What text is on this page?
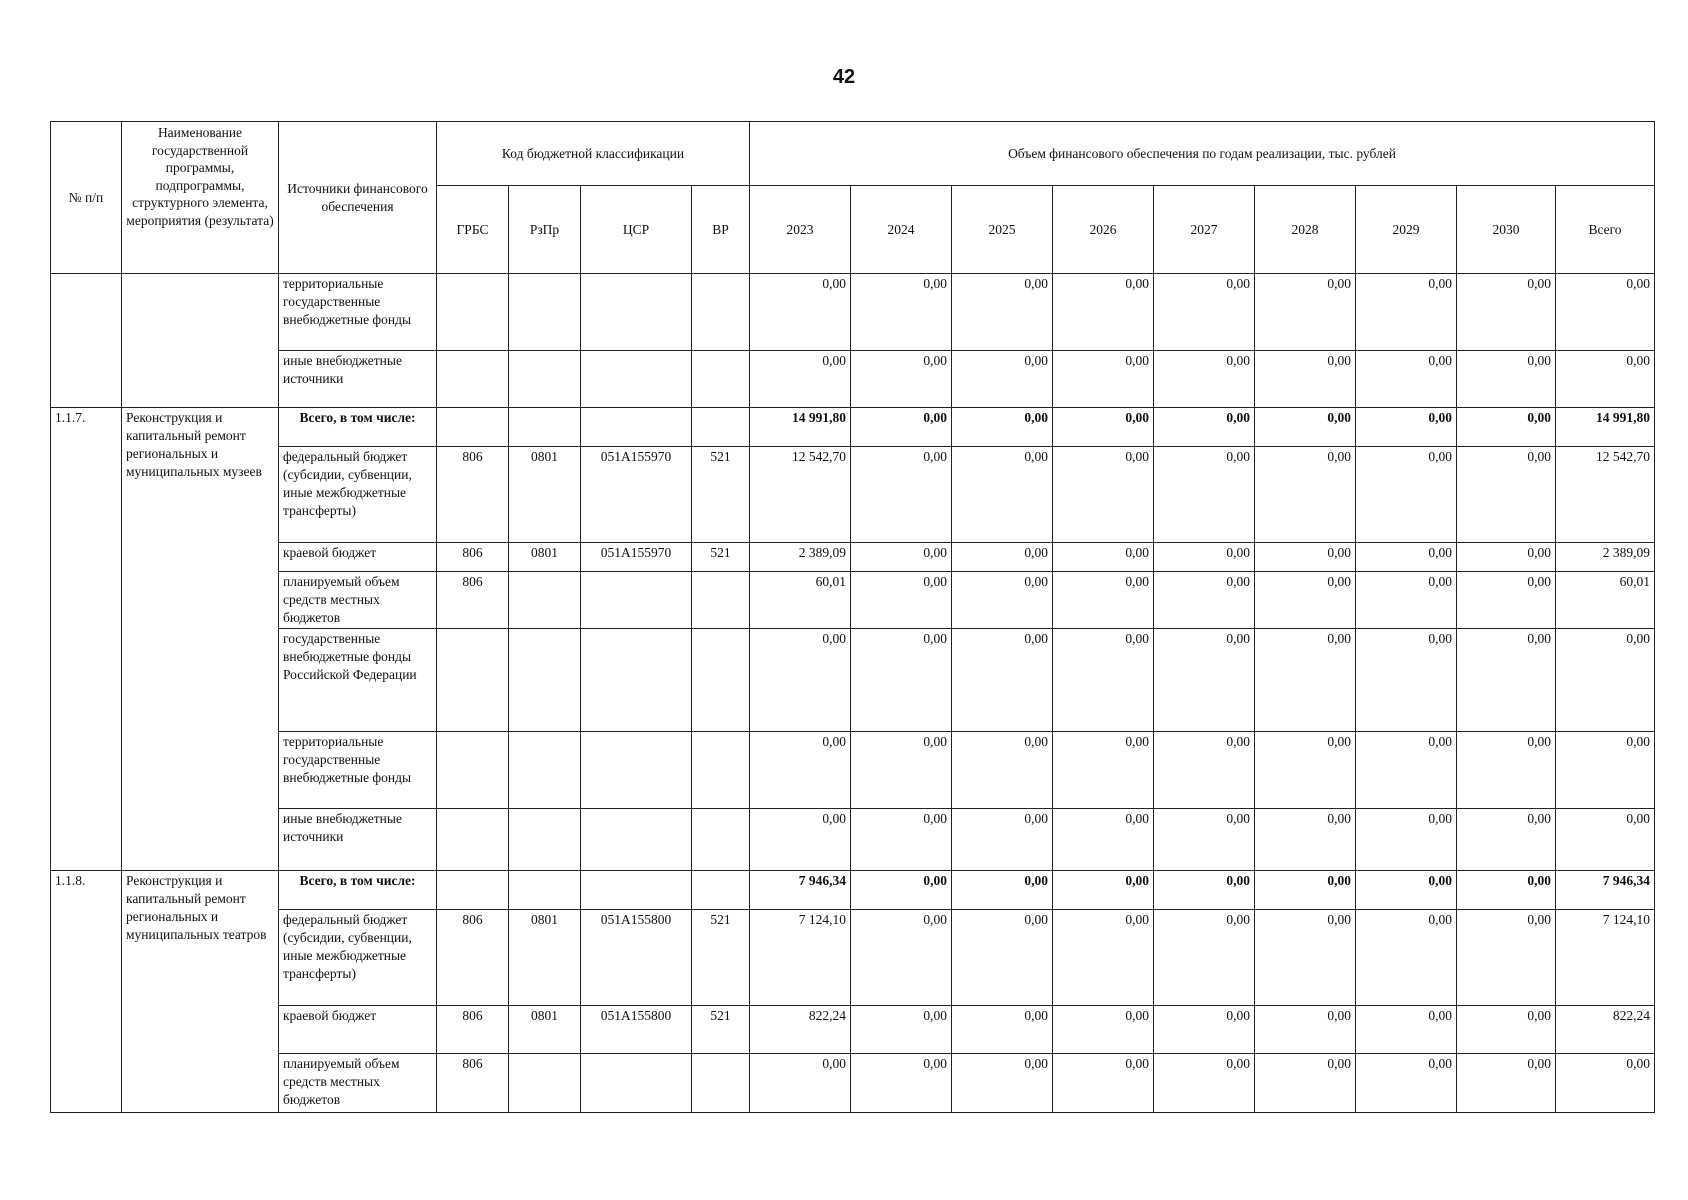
42
№ п/п	Наименование государственной программы, подпрограммы, структурного элемента, мероприятия (результата)	Источники финансового обеспечения	Код бюджетной классификации				Объем финансового обеспечения по годам реализации, тыс. рублей								
			ГРБС	РзПр	ЦСР	ВР	2023	2024	2025	2026	2027	2028	2029	2030	Всего
		территориальные государственные внебюджетные фонды					0,00	0,00	0,00	0,00	0,00	0,00	0,00	0,00	0,00
		иные внебюджетные источники					0,00	0,00	0,00	0,00	0,00	0,00	0,00	0,00	0,00
1.1.7.	Реконструкция и капитальный ремонт региональных и муниципальных музеев	Всего, в том числе:					14 991,80	0,00	0,00	0,00	0,00	0,00	0,00	0,00	14 991,80
		федеральный бюджет (субсидии, субвенции, иные межбюджетные трансферты)	806	0801	051А155970	521	12 542,70	0,00	0,00	0,00	0,00	0,00	0,00	0,00	12 542,70
		краевой бюджет	806	0801	051А155970	521	2 389,09	0,00	0,00	0,00	0,00	0,00	0,00	0,00	2 389,09
		планируемый объем средств местных бюджетов	806				60,01	0,00	0,00	0,00	0,00	0,00	0,00	0,00	60,01
		государственные внебюджетные фонды Российской Федерации					0,00	0,00	0,00	0,00	0,00	0,00	0,00	0,00	0,00
		территориальные государственные внебюджетные фонды					0,00	0,00	0,00	0,00	0,00	0,00	0,00	0,00	0,00
		иные внебюджетные источники					0,00	0,00	0,00	0,00	0,00	0,00	0,00	0,00	0,00
1.1.8.	Реконструкция и капитальный ремонт региональных и муниципальных театров	Всего, в том числе:					7 946,34	0,00	0,00	0,00	0,00	0,00	0,00	0,00	7 946,34
		федеральный бюджет (субсидии, субвенции, иные межбюджетные трансферты)	806	0801	051А155800	521	7 124,10	0,00	0,00	0,00	0,00	0,00	0,00	0,00	7 124,10
		краевой бюджет	806	0801	051А155800	521	822,24	0,00	0,00	0,00	0,00	0,00	0,00	0,00	822,24
		планируемый объем средств местных бюджетов	806				0,00	0,00	0,00	0,00	0,00	0,00	0,00	0,00	0,00
